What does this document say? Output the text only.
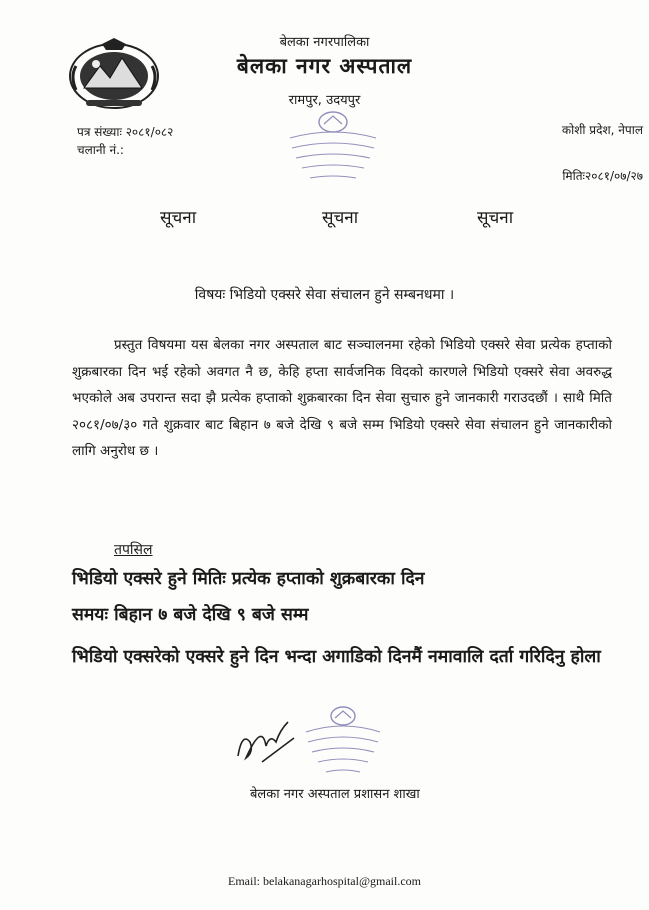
बेलका नगरपालिका
बेलका नगर अस्पताल
रामपुर, उदयपुर
पत्र संख्याः २०८१/०८२
चलानी नं.:
कोशी प्रदेश, नेपाल
मितिः२०८१/०७/२७
सूचना	सूचना	सूचना
विषयः भिडियो एक्सरे सेवा संचालन हुने सम्बनधमा ।
प्रस्तुत विषयमा यस बेलका नगर अस्पताल बाट सञ्चालनमा रहेको भिडियो एक्सरे सेवा प्रत्येक हप्ताको शुक्रबारका दिन भई रहेको अवगत नै छ, केहि हप्ता सार्वजनिक विदको कारणले भिडियो एक्सरे सेवा अवरुद्ध भएकोले अब उपरान्त सदा झै प्रत्येक हप्ताको शुक्रबारका दिन सेवा सुचारु हुने जानकारी गराउदछौं । साथै मिति २०८१/०७/३० गते शुक्रवार बाट बिहान ७ बजे देखि ९ बजे सम्म भिडियो एक्सरे सेवा संचालन हुने जानकारीको लागि अनुरोध छ ।
तपसिल
भिडियो एक्सरे हुने मितिः प्रत्येक हप्ताको शुक्रबारका दिन
समयः बिहान ७ बजे देखि ९ बजे सम्म
भिडियो एक्सरेको एक्सरे हुने दिन भन्दा अगाडिको दिनमैं नमावालि दर्ता गरिदिनु होला
बेलका नगर अस्पताल प्रशासन शाखा
Email: belakanagarhospital@gmail.com
